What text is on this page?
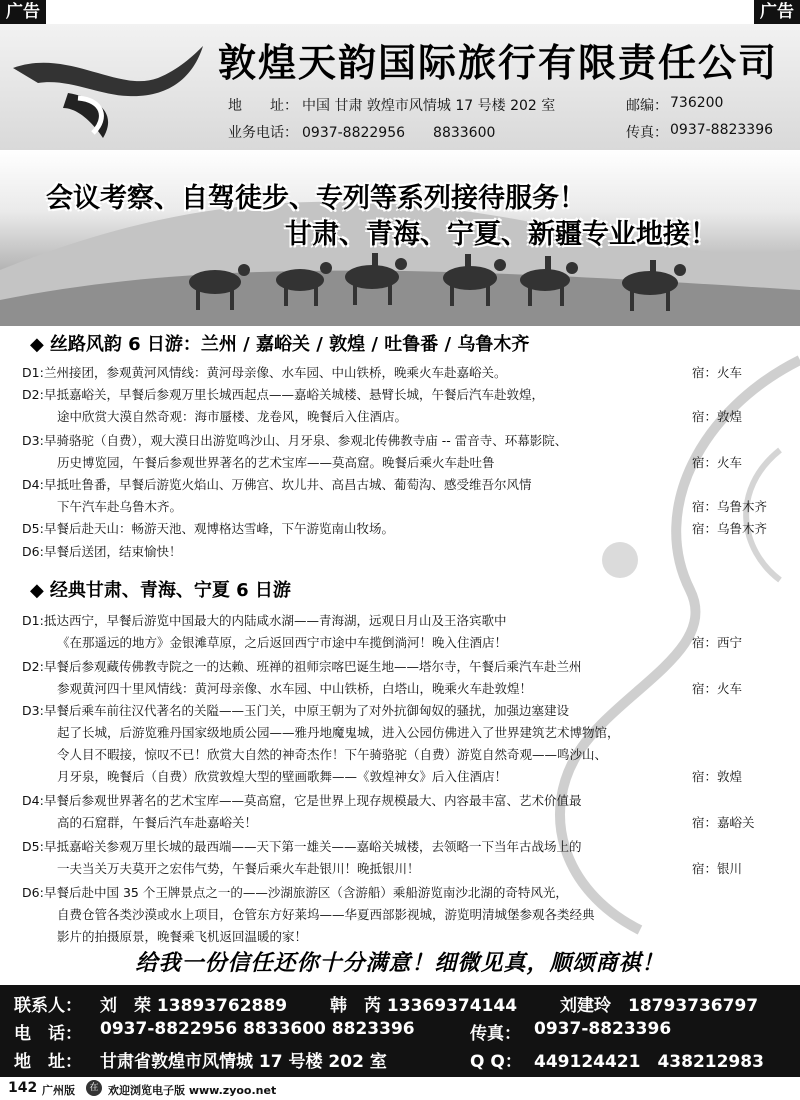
广告	广告
敦煌天韵国际旅行有限责任公司
地　　址： 中国 甘肃 敦煌市风情城 17 号楼 202 室	邮编： 736200
业务电话： 0937-8822956　　8833600	传真： 0937-8823396
会议考察、自驾徒步、专列等系列接待服务！
甘肃、青海、宁夏、新疆专业地接！
◆ 丝路风韵 6 日游：兰州 / 嘉峪关 / 敦煌 / 吐鲁番 / 乌鲁木齐
D1: 兰州接团，参观黄河风情线：黄河母亲像、水车园、中山铁桥，晚乘火车赴嘉峪关。	宿：火车
D2: 早抵嘉峪关，早餐后参观万里长城西起点——嘉峪关城楼、悬臂长城，午餐后汽车赴敦煌，
途中欣赏大漠自然奇观：海市蜃楼、龙卷风，晚餐后入住酒店。	宿：敦煌
D3: 早骑骆驼（自费），观大漠日出游览鸣沙山、月牙泉、参观北传佛教寺庙 -- 雷音寺、环幕影院、
历史博览园，午餐后参观世界著名的艺术宝库——莫高窟。晚餐后乘火车赴吐鲁	宿：火车
D4: 早抵吐鲁番，早餐后游览火焰山、万佛宫、坎儿井、高昌古城、葡萄沟、感受维吾尔风情
下午汽车赴乌鲁木齐。	宿：乌鲁木齐
D5: 早餐后赴天山：畅游天池、观博格达雪峰，下午游览南山牧场。	宿：乌鲁木齐
D6: 早餐后送团，结束愉快！
◆ 经典甘肃、青海、宁夏 6 日游
D1: 抵达西宁，早餐后游览中国最大的内陆咸水湖——青海湖，远观日月山及王洛宾歌中
《在那遥远的地方》金银滩草原，之后返回西宁市途中车揽倒淌河！晚入住酒店！	宿：西宁
D2: 早餐后参观藏传佛教寺院之一的达赖、班禅的祖师宗喀巴诞生地——塔尔寺，午餐后乘汽车赴兰州
参观黄河四十里风情线：黄河母亲像、水车园、中山铁桥，白塔山，晚乘火车赴敦煌！	宿：火车
D3: 早餐后乘车前往汉代著名的关隘——玉门关，中原王朝为了对外抗御匈奴的骚扰，加强边塞建设
起了长城，后游览雅丹国家级地质公园——雅丹地魔鬼城，进入公园仿佛进入了世界建筑艺术博物馆，
令人目不暇接，惊叹不已！欣赏大自然的神奇杰作！下午骑骆驼（自费）游览自然奇观——鸣沙山、
月牙泉，晚餐后（自费）欣赏敦煌大型的壁画歌舞——《敦煌神女》后入住酒店！	宿：敦煌
D4: 早餐后参观世界著名的艺术宝库——莫高窟，它是世界上现存规模最大、内容最丰富、艺术价值最
高的石窟群，午餐后汽车赴嘉峪关！	宿：嘉峪关
D5: 早抵嘉峪关参观万里长城的最西端——天下第一雄关——嘉峪关城楼，去领略一下当年古战场上的
一夫当关万夫莫开之宏伟气势，午餐后乘火车赴银川！晚抵银川！	宿：银川
D6: 早餐后赴中国 35 个王牌景点之一的——沙湖旅游区（含游船）乘船游览南沙北湖的奇特风光，
自费仓管各类沙漠或水上项目，仓管东方好莱坞——华夏西部影视城，游览明清城堡参观各类经典
影片的拍摄原景，晚餐乘飞机返回温暖的家！
给我一份信任还你十分满意！细微见真，顺颂商祺！
联系人： 刘　荣 13893762889	韩　芮 13369374144	刘建玲　18793736797
电　话： 0937-8822956 8833600 8823396	传真： 0937-8823396
地　址： 甘肃省敦煌市风情城 17 号楼 202 室	Q Q： 449124421　438212983
142 广州版	在 欢迎浏览电子版 www.zyoo.net
